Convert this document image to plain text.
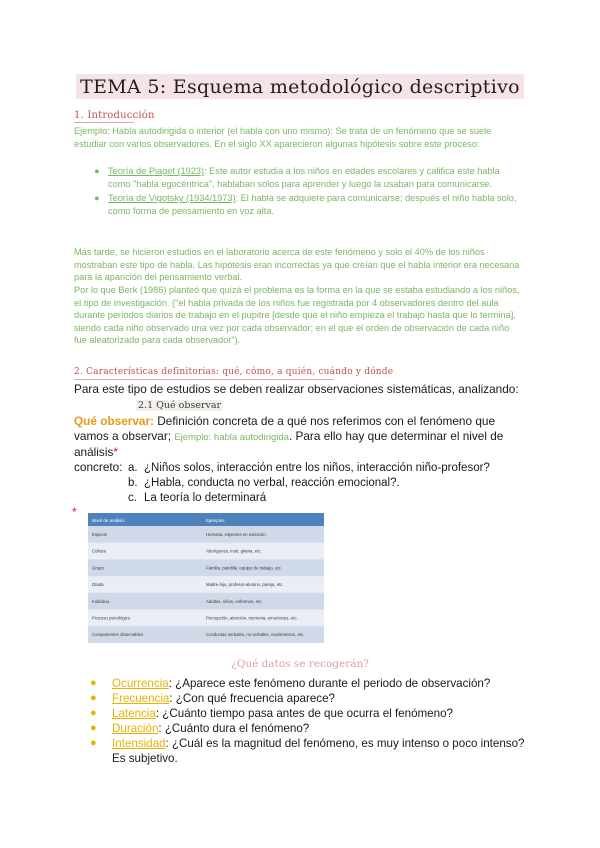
TEMA 5: Esquema metodológico descriptivo
1. Introducción
Ejemplo: Habla autodirigida o interior (el habla con uno mismo): Se trata de un fenómeno que se suele estudiar con varios observadores. En el siglo XX aparecieron algunas hipótesis sobre este proceso:
● Teoría de Piaget (1923): Este autor estudia a los niños en edades escolares y califica este habla como "habla egocéntrica", hablaban solos para aprender y luego la usaban para comunicarse.
● Teoría de Vigotsky (1934/1973): El habla se adquiere para comunicarse; después el niño habla solo, como forma de pensamiento en voz alta.
Más tarde, se hicieron estudios en el laboratorio acerca de este fenómeno y solo el 40% de los niños mostraban este tipo de habla. Las hipótesis eran incorrectas ya que creían que el habla interior era necesaria para la aparición del pensamiento verbal.
Por lo que Berk (1986) planteó que quizá el problema es la forma en la que se estaba estudiando a los niños, el tipo de investigación. ("el habla privada de los niños fue registrada por 4 observadores dentro del aula durante períodos diarios de trabajo en el pupitre [desde que el niño empieza el trabajo hasta que lo termina], siendo cada niño observado una vez por cada observador; en el que el orden de observación de cada niño fue aleatorizado para cada observador").
2. Características definitorias: qué, cómo, a quién, cuándo y dónde
Para este tipo de estudios se deben realizar observaciones sistemáticas, analizando:
2.1 Qué observar
Qué observar: Definición concreta de a qué nos referimos con el fenómeno que vamos a observar; Ejemplo: habla autodirigida. Para ello hay que determinar el nivel de análisis*
concreto: a. ¿Niños solos, interacción entre los niños, interacción niño-profesor?
b. ¿Habla, conducta no verbal, reacción emocional?.
c. La teoría lo determinará
*
Nivel de análisis	Ejemplos
Especie	Humana, especies en extinción
Cultura	Aborígenes, inuit, gitana, etc.
Grupo	Familia, pandilla, equipo de trabajo, etc.
Díada	Madre-hijo, profesor-alumno, pareja, etc.
Individuo	Adultos, niños, enfermos, etc.
Proceso psicológico	Percepción, atención, memoria, emociones, etc.
Componentes observables	Conductas verbales, no verbales, movimientos, etc.
¿Qué datos se recogerán?
● Ocurrencia: ¿Aparece este fenómeno durante el periodo de observación?
● Frecuencia: ¿Con qué frecuencia aparece?
● Latencia: ¿Cuánto tiempo pasa antes de que ocurra el fenómeno?
● Duración: ¿Cuánto dura el fenómeno?
● Intensidad: ¿Cuál es la magnitud del fenómeno, es muy intenso o poco intenso? Es subjetivo.
